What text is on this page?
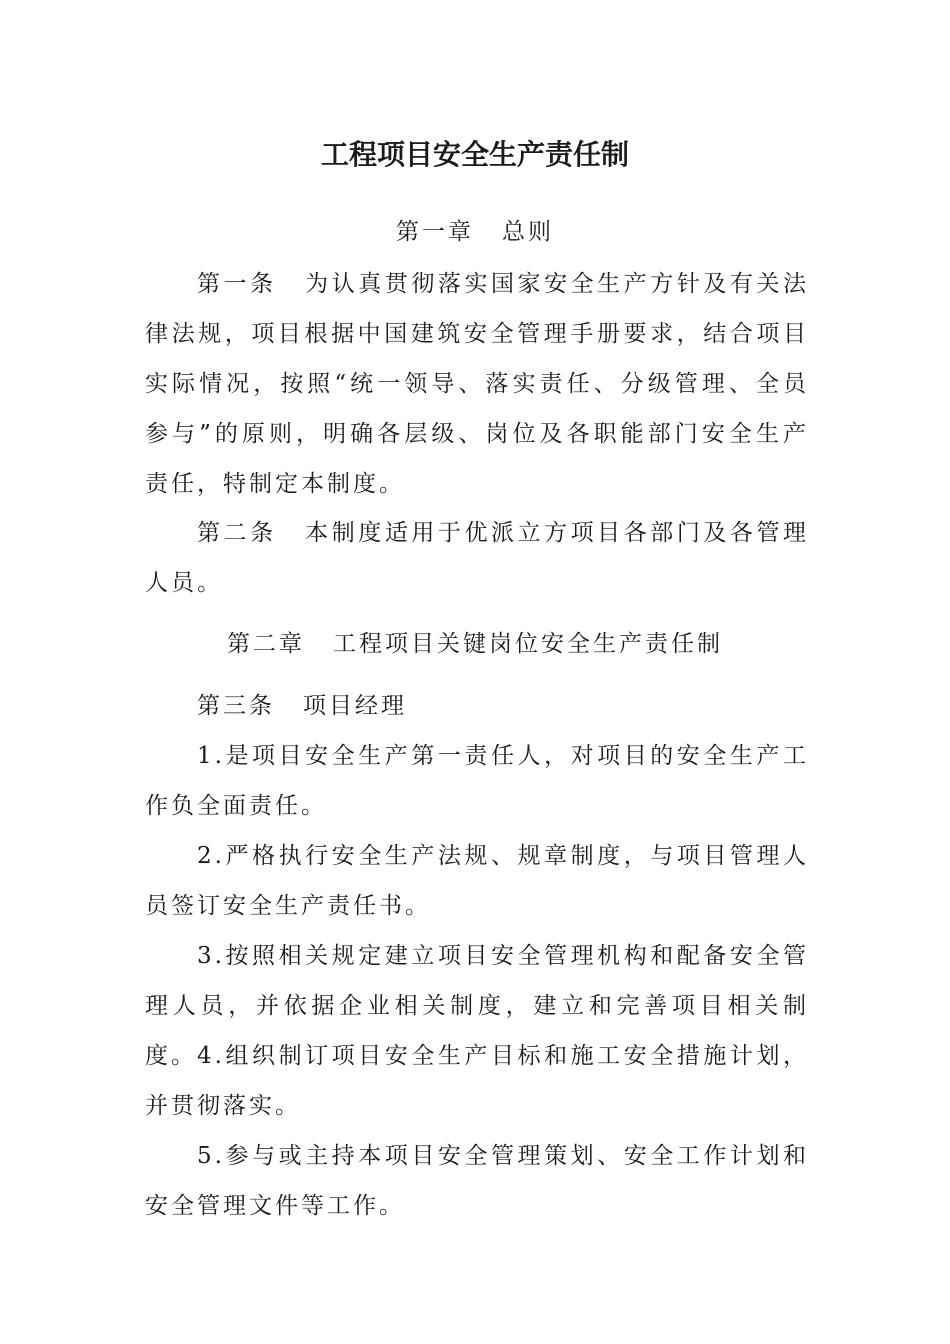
工程项目安全生产责任制
第一章 总则

第一条 为认真贯彻落实国家安全生产方针及有关法律法规，项目根据中国建筑安全管理手册要求，结合项目实际情况，按照“统一领导、落实责任、分级管理、全员参与”的原则，明确各层级、岗位及各职能部门安全生产责任，特制定本制度。

第二条 本制度适用于优派立方项目各部门及各管理人员。

第二章 工程项目关键岗位安全生产责任制

第三条 项目经理

1.是项目安全生产第一责任人，对项目的安全生产工作负全面责任。

2.严格执行安全生产法规、规章制度，与项目管理人员签订安全生产责任书。

3.按照相关规定建立项目安全管理机构和配备安全管理人员，并依据企业相关制度，建立和完善项目相关制度。 4.组织制订项目安全生产目标和施工安全措施计划，并贯彻落实。

5.参与或主持本项目安全管理策划、安全工作计划和安全管理文件等工作。
